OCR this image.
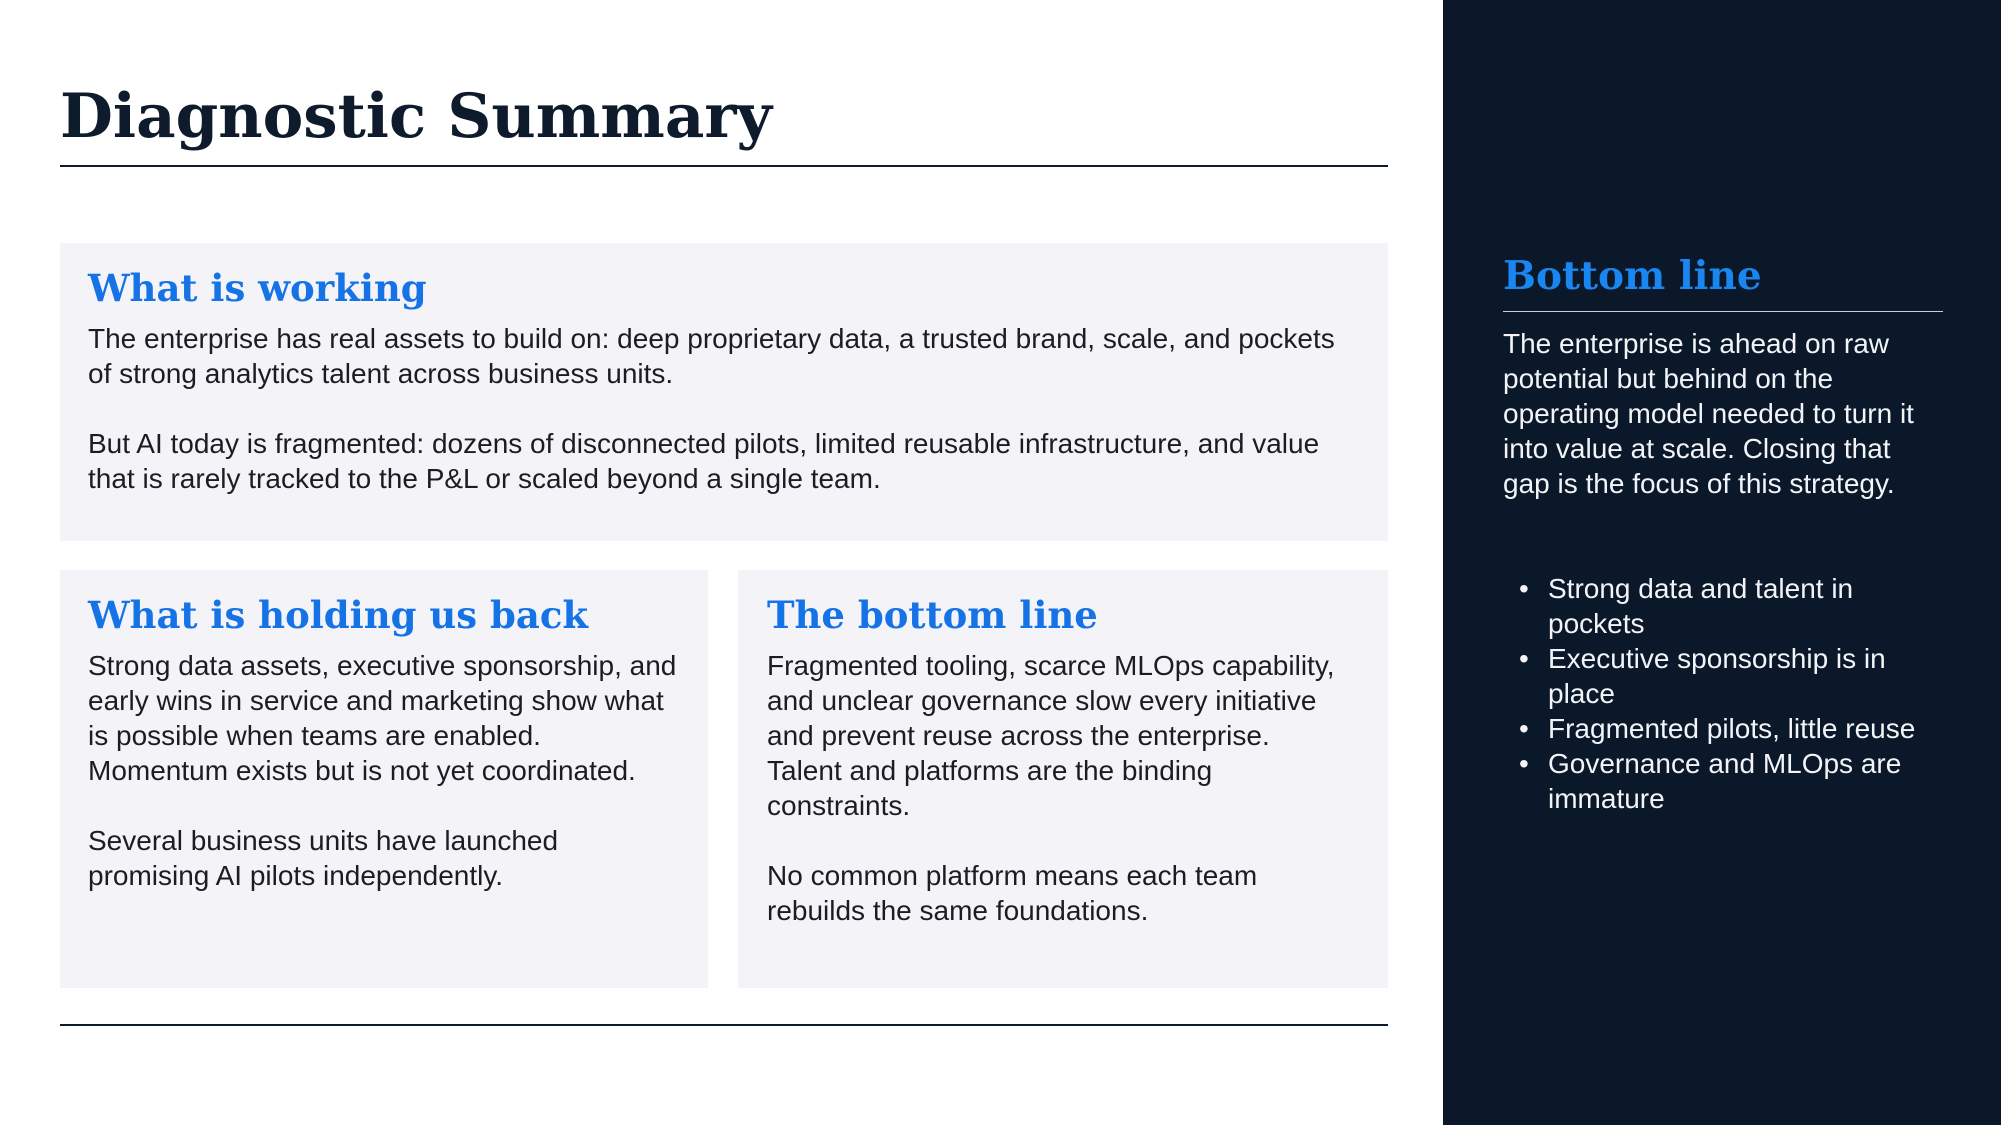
Diagnostic Summary
What is working

The enterprise has real assets to build on: deep proprietary data, a trusted brand, scale, and pockets of strong analytics talent across business units.

But AI today is fragmented: dozens of disconnected pilots, limited reusable infrastructure, and value that is rarely tracked to the P&L or scaled beyond a single team.

What is holding us back

Strong data assets, executive sponsorship, and early wins in service and marketing show what is possible when teams are enabled.

Momentum exists but is not yet coordinated.

Several business units have launched promising AI pilots independently.

The bottom line

Fragmented tooling, scarce MLOps capability, and unclear governance slow every initiative and prevent reuse across the enterprise.

Talent and platforms are the binding constraints.

No common platform means each team rebuilds the same foundations.

Bottom line

The enterprise is ahead on raw potential but behind on the operating model needed to turn it into value at scale. Closing that gap is the focus of this strategy.

• Strong data and talent in pockets
• Executive sponsorship is in place
• Fragmented pilots, little reuse
• Governance and MLOps are immature
